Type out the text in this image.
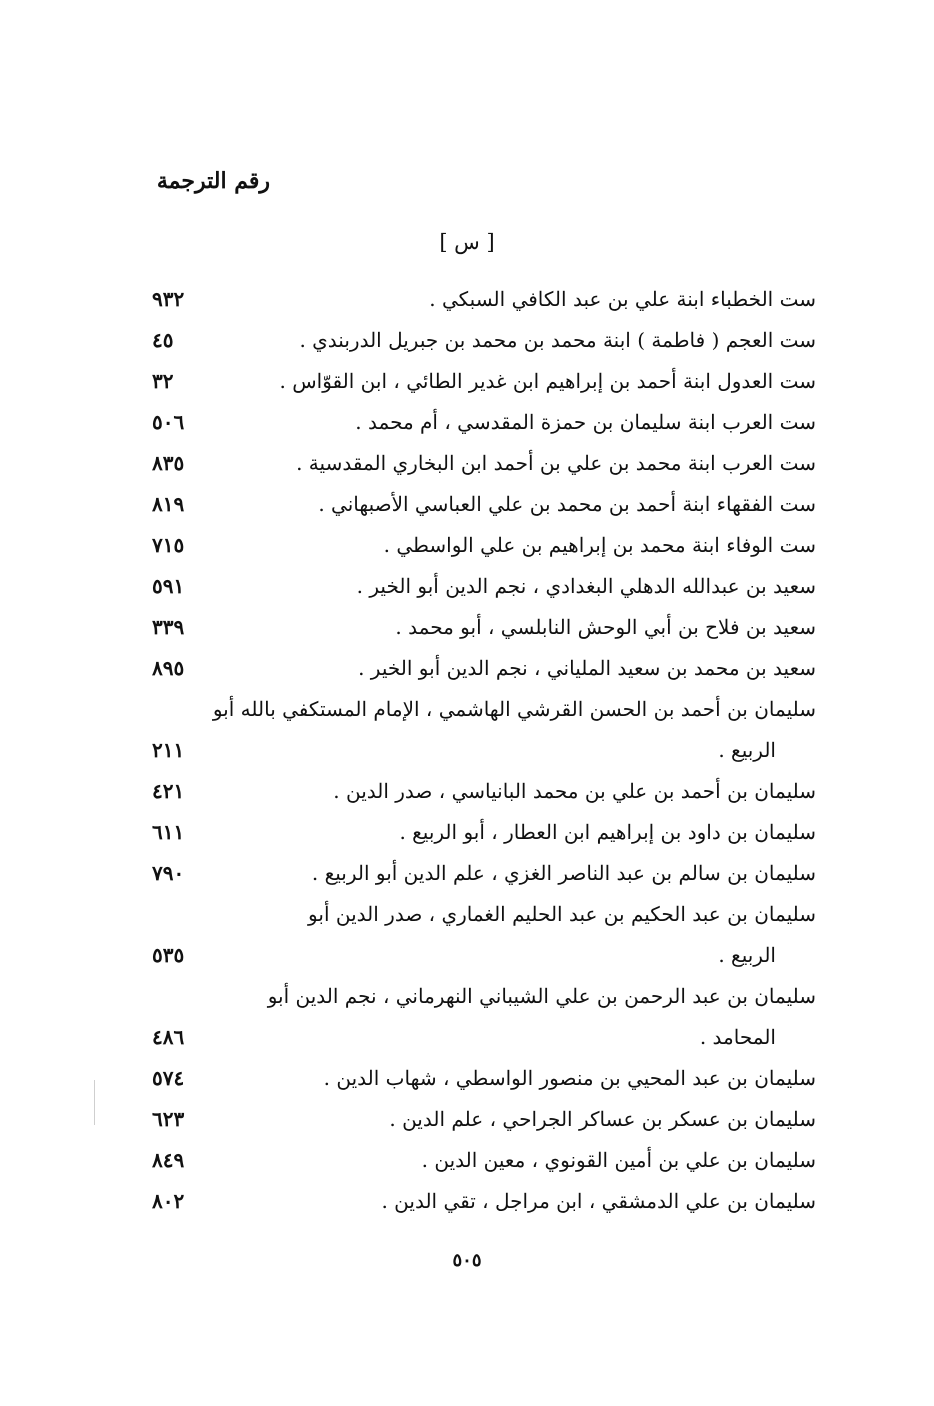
رقم الترجمة
[ س ]
ست الخطباء ابنة علي بن عبد الكافي السبكي .
٩٣٢
ست العجم ( فاطمة ) ابنة محمد بن محمد بن جبريل الدربندي .
٤٥
ست العدول ابنة أحمد بن إبراهيم ابن غدير الطائي ، ابن القوّاس .
٣٢
ست العرب ابنة سليمان بن حمزة المقدسي ، أم محمد .
٥٠٦
ست العرب ابنة محمد بن علي بن أحمد ابن البخاري المقدسية .
٨٣٥
ست الفقهاء ابنة أحمد بن محمد بن علي العباسي الأصبهاني .
٨١٩
ست الوفاء ابنة محمد بن إبراهيم بن علي الواسطي .
٧١٥
سعيد بن عبدالله الدهلي البغدادي ، نجم الدين أبو الخير .
٥٩١
سعيد بن فلاح بن أبي الوحش النابلسي ، أبو محمد .
٣٣٩
سعيد بن محمد بن سعيد الملياني ، نجم الدين أبو الخير .
٨٩٥
سليمان بن أحمد بن الحسن القرشي الهاشمي ، الإمام المستكفي بالله أبو
الربيع .
٢١١
سليمان بن أحمد بن علي بن محمد البانياسي ، صدر الدين .
٤٢١
سليمان بن داود بن إبراهيم ابن العطار ، أبو الربيع .
٦١١
سليمان بن سالم بن عبد الناصر الغزي ، علم الدين أبو الربيع .
٧٩٠
سليمان بن عبد الحكيم بن عبد الحليم الغماري ، صدر الدين أبو
الربيع .
٥٣٥
سليمان بن عبد الرحمن بن علي الشيباني النهرماني ، نجم الدين أبو
المحامد .
٤٨٦
سليمان بن عبد المحيي بن منصور الواسطي ، شهاب الدين .
٥٧٤
سليمان بن عسكر بن عساكر الجراحي ، علم الدين .
٦٢٣
سليمان بن علي بن أمين القونوي ، معين الدين .
٨٤٩
سليمان بن علي الدمشقي ، ابن مراجل ، تقي الدين .
٨٠٢
٥٠٥
